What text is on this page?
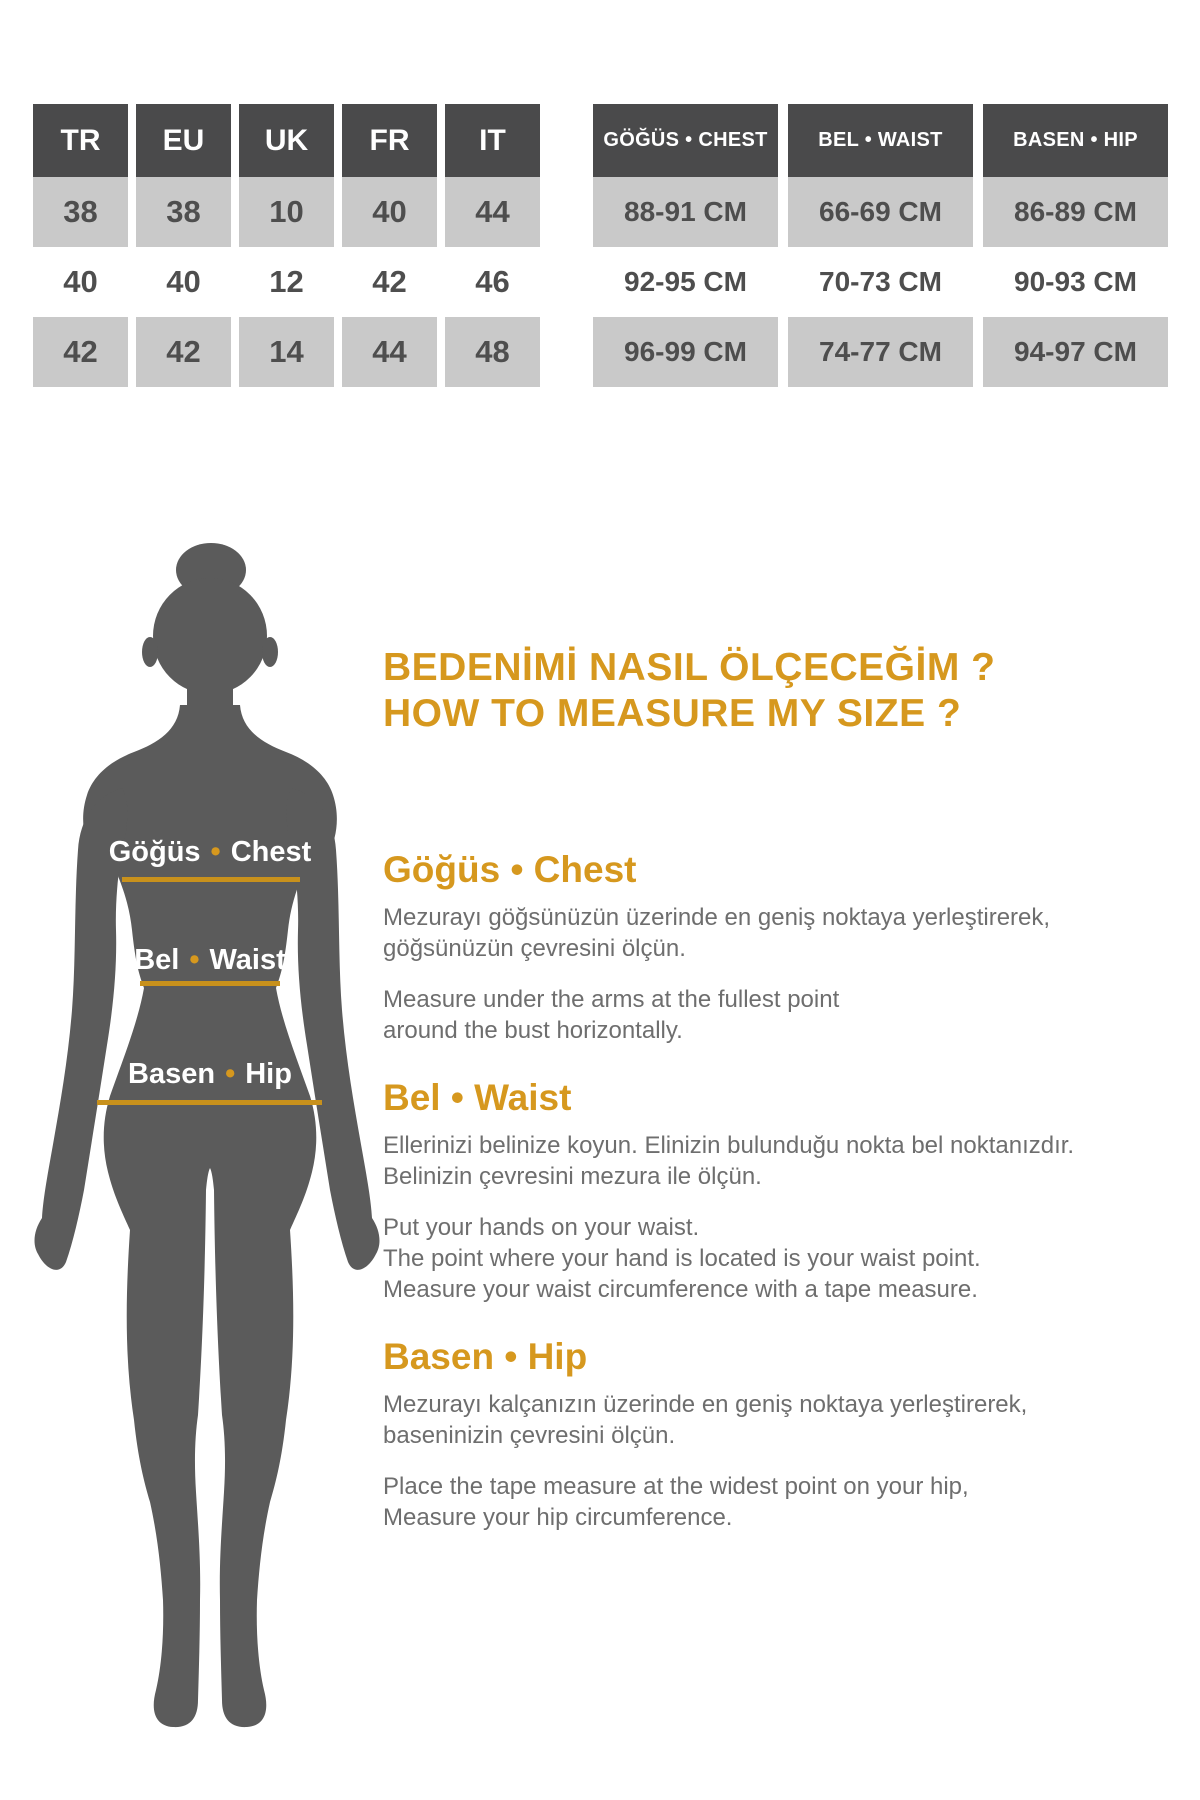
TR
38
40
42
EU
38
40
42
UK
10
12
14
FR
40
42
44
IT
44
46
48
GÖĞÜS • CHEST
88-91 CM
92-95 CM
96-99 CM
BEL • WAIST
66-69 CM
70-73 CM
74-77 CM
BASEN • HIP
86-89 CM
90-93 CM
94-97 CM
Göğüs • Chest
Bel • Waist
Basen • Hip
BEDENİMİ NASIL ÖLÇECEĞİM ?
HOW TO MEASURE MY SIZE ?
Göğüs • Chest

Mezurayı göğsünüzün üzerinde en geniş noktaya yerleştirerek,
göğsünüzün çevresini ölçün.

Measure under the arms at the fullest point
around the bust horizontally.

Bel • Waist

Ellerinizi belinize koyun. Elinizin bulunduğu nokta bel noktanızdır.
Belinizin çevresini mezura ile ölçün.

Put your hands on your waist.
The point where your hand is located is your waist point.
Measure your waist circumference with a tape measure.

Basen • Hip

Mezurayı kalçanızın üzerinde en geniş noktaya yerleştirerek,
baseninizin çevresini ölçün.

Place the tape measure at the widest point on your hip,
Measure your hip circumference.
